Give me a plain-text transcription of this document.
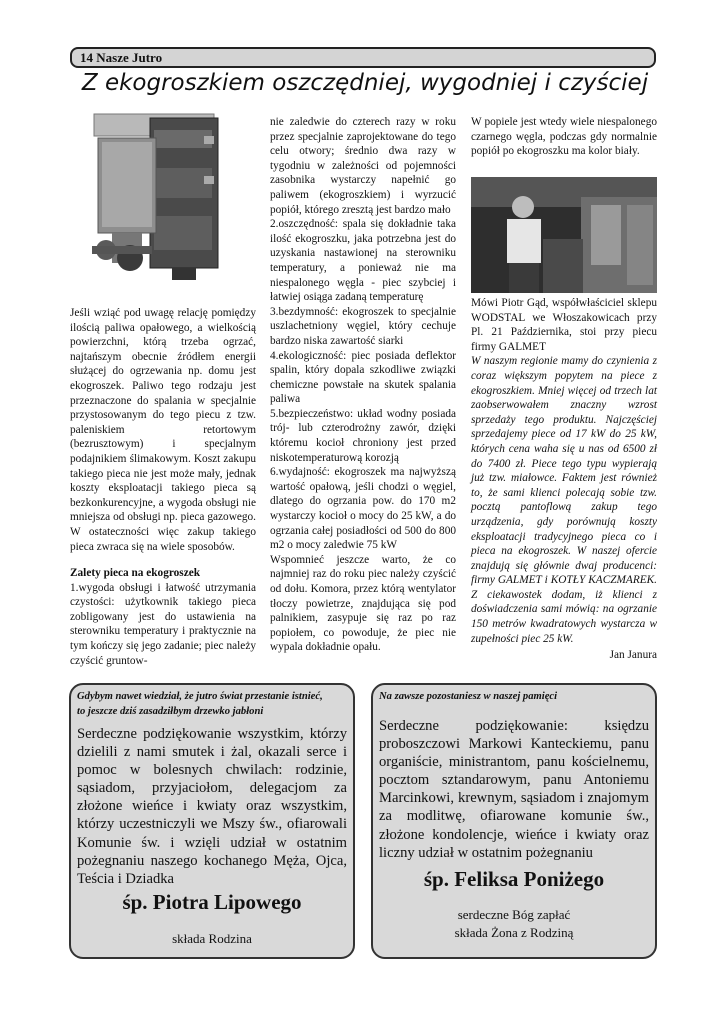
14 Nasze Jutro
Z ekogroszkiem oszczędniej, wygodniej i czyściej

Jeśli wziąć pod uwagę relację pomiędzy ilością paliwa opałowego, a wielkością powierzchni, którą trzeba ogrzać, najtańszym obecnie źródłem energii służącej do ogrzewania np. domu jest ekogroszek. Paliwo tego rodzaju jest przeznaczone do spalania w specjalnie przystosowanym do tego piecu z tzw. paleniskiem retortowym (bezrusztowym) i specjalnym podajnikiem ślimakowym. Koszt zakupu takiego pieca nie jest może mały, jednak koszty eksploatacji takiego pieca są bezkonkurencyjne, a wygoda obsługi nie mniejsza od obsługi np. pieca gazowego. W ostateczności więc zakup takiego pieca zwraca się na wiele sposobów.

Zalety pieca na ekogroszek

1.wygoda obsługi i łatwość utrzymania czystości: użytkownik takiego pieca zobligowany jest do ustawienia na sterowniku temperatury i praktycznie na tym kończy się jego zadanie; piec należy czyścić gruntow-

nie zaledwie do czterech razy w roku przez specjalnie zaprojektowane do tego celu otwory; średnio dwa razy w tygodniu w zależności od pojemności zasobnika wystarczy napełnić go paliwem (ekogroszkiem) i wyrzucić popiół, którego zresztą jest bardzo mało

2.oszczędność: spala się dokładnie taka ilość ekogroszku, jaka potrzebna jest do uzyskania nastawionej na sterowniku temperatury, a ponieważ nie ma niespalonego węgla - piec szybciej i łatwiej osiąga zadaną temperaturę

3.bezdymność: ekogroszek to specjalnie uszlachetniony węgiel, który cechuje bardzo niska zawartość siarki

4.ekologiczność: piec posiada deflektor spalin, który dopala szkodliwe związki chemiczne powstałe na skutek spalania paliwa

5.bezpieczeństwo: układ wodny posiada trój- lub czterodrożny zawór, dzięki któremu kocioł chroniony jest przed niskotemperaturową korozją

6.wydajność: ekogroszek ma najwyższą wartość opałową, jeśli chodzi o węgiel, dlatego do ogrzania pow. do 170 m2 wystarczy kocioł o mocy do 25 kW, a do ogrzania całej posiadłości od 500 do 800 m2 o mocy zaledwie 75 kW

Wspomnieć jeszcze warto, że co najmniej raz do roku piec należy czyścić od dołu. Komora, przez którą wentylator tłoczy powietrze, znajdująca się pod palnikiem, zasypuje się raz po raz popiołem, co powoduje, że piec nie wypala dokładnie opału.

W popiele jest wtedy wiele niespalonego czarnego węgla, podczas gdy normalnie popiół po ekogroszku ma kolor biały.

Mówi Piotr Gąd, współwłaściciel sklepu WODSTAL we Włoszakowicach przy Pl. 21 Października, stoi przy piecu firmy GALMET

W naszym regionie mamy do czynienia z coraz większym popytem na piece z ekogroszkiem. Mniej więcej od trzech lat zaobserwowałem znaczny wzrost sprzedaży tego produktu. Najczęściej sprzedajemy piece od 17 kW do 25 kW, których cena waha się u nas od 6500 zł do 7400 zł. Piece tego typu wypierają już tzw. miałowce. Faktem jest również to, że sami klienci polecają sobie tzw. pocztą pantoflową zakup tego urządzenia, gdy porównują koszty eksploatacji tradycyjnego pieca co i pieca na ekogroszek. W naszej ofercie znajdują się głównie dwaj producenci: firmy GALMET i KOTŁY KACZMAREK. Z ciekawostek dodam, iż klienci z doświadczenia sami mówią: na ogrzanie 150 metrów kwadratowych wystarcza w zupełności piec 25 kW.

Jan Janura

Gdybym nawet wiedział, że jutro świat przestanie istnieć,
to jeszcze dziś zasadziłbym drzewko jabłoni
Serdeczne podziękowanie wszystkim, którzy dzielili z nami smutek i żal, okazali serce i pomoc w bolesnych chwilach: rodzinie, sąsiadom, przyjaciołom, delegacjom za złożone wieńce i kwiaty oraz wszystkim, którzy uczestniczyli we Mszy św., ofiarowali Komunie św. i wzięli udział w ostatnim pożegnaniu naszego kochanego Męża, Ojca, Teścia i Dziadka
śp. Piotra Lipowego
składa Rodzina
Na zawsze pozostaniesz w naszej pamięci
Serdeczne podziękowanie: księdzu proboszczowi Markowi Kanteckiemu, panu organiście, ministrantom, panu kościelnemu, pocztom sztandarowym, panu Antoniemu Marcinkowi, krewnym, sąsiadom i znajomym za modlitwę, ofiarowane komunie św., złożone kondolencje, wieńce i kwiaty oraz liczny udział w ostatnim pożegnaniu
śp. Feliksa Poniżego
serdeczne Bóg zapłać
składa Żona z Rodziną
